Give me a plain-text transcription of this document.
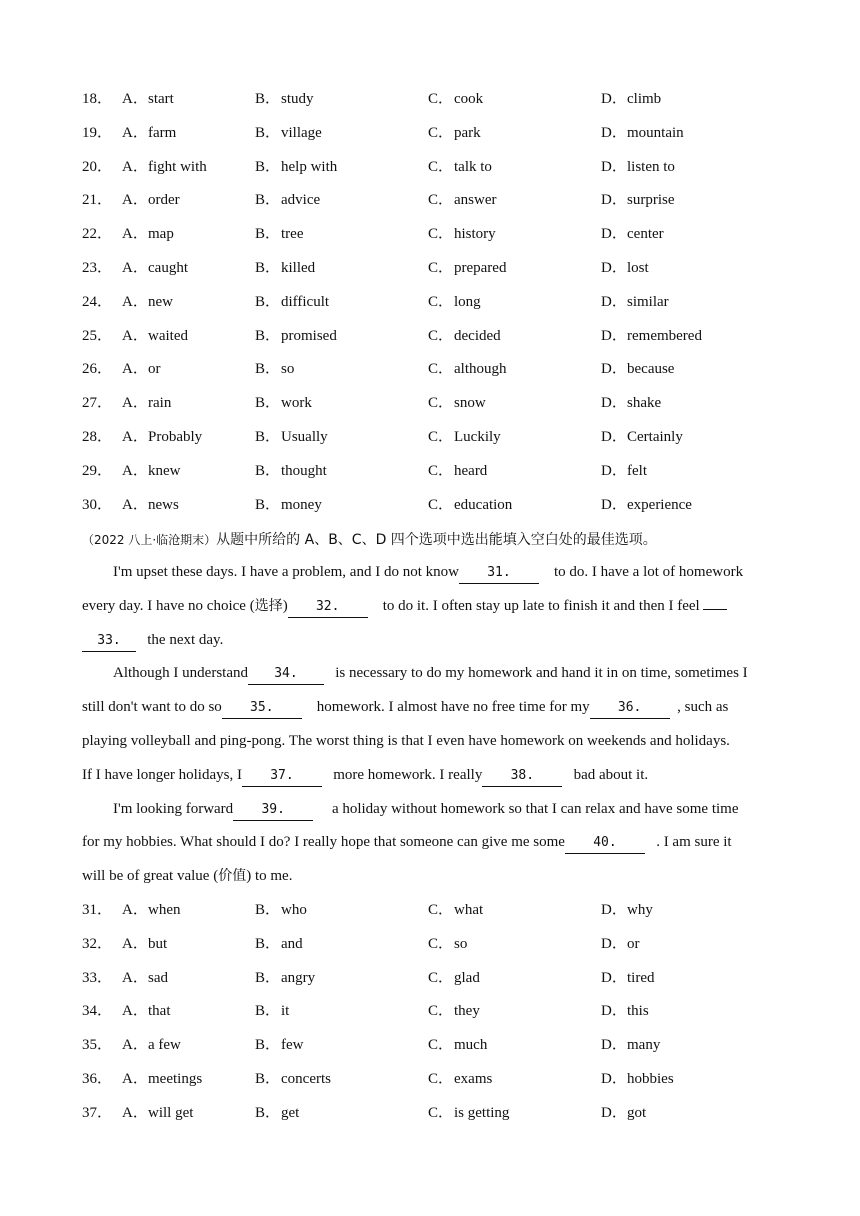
18． A．start	B．study	C．cook	D．climb
19． A．farm	B．village	C．park	D．mountain
20． A．fight with	B．help with	C．talk to	D．listen to
21． A．order	B．advice	C．answer	D．surprise
22． A．map	B．tree	C．history	D．center
23． A．caught	B．killed	C．prepared	D．lost
24． A．new	B．difficult	C．long	D．similar
25． A．waited	B．promised	C．decided	D．remembered
26． A．or	B．so	C．although	D．because
27． A．rain	B．work	C．snow	D．shake
28． A．Probably	B．Usually	C．Luckily	D．Certainly
29． A．knew	B．thought	C．heard	D．felt
30． A．news	B．money	C．education	D．experience
（2022 八上·临沧期末）从题中所给的 A、B、C、D 四个选项中选出能填入空白处的最佳选项。
I'm upset these days. I have a problem, and I do not know 31.	to do. I have a lot of homework
every day. I have no choice (选择) 32.	to do it. I often stay up late to finish it and then I feel
33. the next day.
Although I understand 34.	is necessary to do my homework and hand it in on time, sometimes I
still don't want to do so 35.	homework. I almost have no free time for my 36. , such as
playing volleyball and ping-pong. The worst thing is that I even have homework on weekends and holidays.
If I have longer holidays, I 37.	more homework. I really 38.	bad about it.
I'm looking forward 39.	a holiday without homework so that I can relax and have some time
for my hobbies. What should I do? I really hope that someone can give me some 40.	. I am sure it
will be of great value (价值) to me.
31． A．when	B．who	C．what	D．why
32． A．but	B．and	C．so	D．or
33． A．sad	B．angry	C．glad	D．tired
34． A．that	B．it	C．they	D．this
35． A．a few	B．few	C．much	D．many
36． A．meetings	B．concerts	C．exams	D．hobbies
37． A．will get	B．get	C．is getting	D．got
